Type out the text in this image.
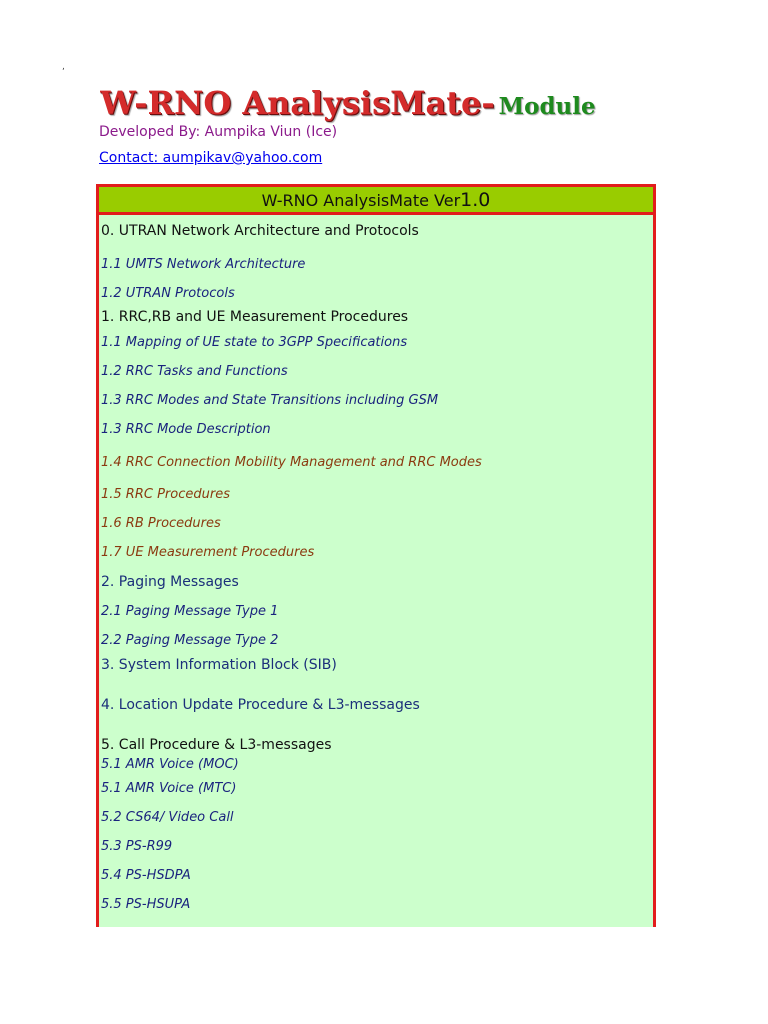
,
W-RNO AnalysisMate- Module
Developed By: Aumpika Viun (Ice)
Contact: aumpikav@yahoo.com
W-RNO AnalysisMate Ver1.0
0. UTRAN Network Architecture and Protocols
1.1 UMTS Network Architecture
1.2 UTRAN Protocols
1. RRC,RB and UE Measurement Procedures
1.1 Mapping of UE state to 3GPP Specifications
1.2 RRC Tasks and Functions
1.3 RRC Modes and State Transitions including GSM
1.3 RRC Mode Description
1.4 RRC Connection Mobility Management and RRC Modes
1.5 RRC Procedures
1.6 RB Procedures
1.7 UE Measurement Procedures
2. Paging Messages
2.1 Paging Message Type 1
2.2 Paging Message Type 2
3. System Information Block (SIB)
4. Location Update Procedure & L3-messages
5. Call Procedure & L3-messages
5.1 AMR Voice (MOC)
5.1 AMR Voice (MTC)
5.2 CS64/ Video Call
5.3 PS-R99
5.4 PS-HSDPA
5.5 PS-HSUPA
